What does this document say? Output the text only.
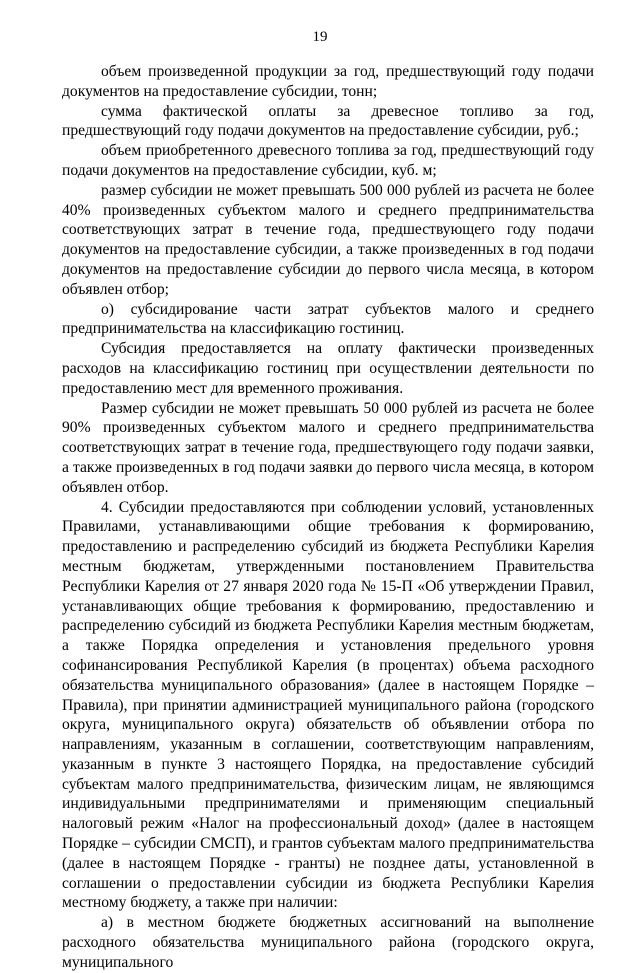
19

объем произведенной продукции за год, предшествующий году подачи документов на предоставление субсидии, тонн;

сумма фактической оплаты за древесное топливо за год, предшествующий году подачи документов на предоставление субсидии, руб.;

объем приобретенного древесного топлива за год, предшествующий году подачи документов на предоставление субсидии, куб. м;

размер субсидии не может превышать 500 000 рублей из расчета не более 40% произведенных субъектом малого и среднего предпринимательства соответствующих затрат в течение года, предшествующего году подачи документов на предоставление субсидии, а также произведенных в год подачи документов на предоставление субсидии до первого числа месяца, в котором объявлен отбор;

о) субсидирование части затрат субъектов малого и среднего предпринимательства на классификацию гостиниц.

Субсидия предоставляется на оплату фактически произведенных расходов на классификацию гостиниц при осуществлении деятельности по предоставлению мест для временного проживания.

Размер субсидии не может превышать 50 000 рублей из расчета не более 90% произведенных субъектом малого и среднего предпринимательства соответствующих затрат в течение года, предшествующего году подачи заявки, а также произведенных в год подачи заявки до первого числа месяца, в котором объявлен отбор.

4. Субсидии предоставляются при соблюдении условий, установленных Правилами, устанавливающими общие требования к формированию, предоставлению и распределению субсидий из бюджета Республики Карелия местным бюджетам, утвержденными постановлением Правительства Республики Карелия от 27 января 2020 года № 15-П «Об утверждении Правил, устанавливающих общие требования к формированию, предоставлению и распределению субсидий из бюджета Республики Карелия местным бюджетам, а также Порядка определения и установления предельного уровня софинансирования Республикой Карелия (в процентах) объема расходного обязательства муниципального образования» (далее в настоящем Порядке – Правила), при принятии администрацией муниципального района (городского округа, муниципального округа) обязательств об объявлении отбора по направлениям, указанным в соглашении, соответствующим направлениям, указанным в пункте 3 настоящего Порядка, на предоставление субсидий субъектам малого предпринимательства, физическим лицам, не являющимся индивидуальными предпринимателями и применяющим специальный налоговый режим «Налог на профессиональный доход» (далее в настоящем Порядке – субсидии СМСП), и грантов субъектам малого предпринимательства (далее в настоящем Порядке - гранты) не позднее даты, установленной в соглашении о предоставлении субсидии из бюджета Республики Карелия местному бюджету, а также при наличии:

а) в местном бюджете бюджетных ассигнований на выполнение расходного обязательства муниципального района (городского округа, муниципального
